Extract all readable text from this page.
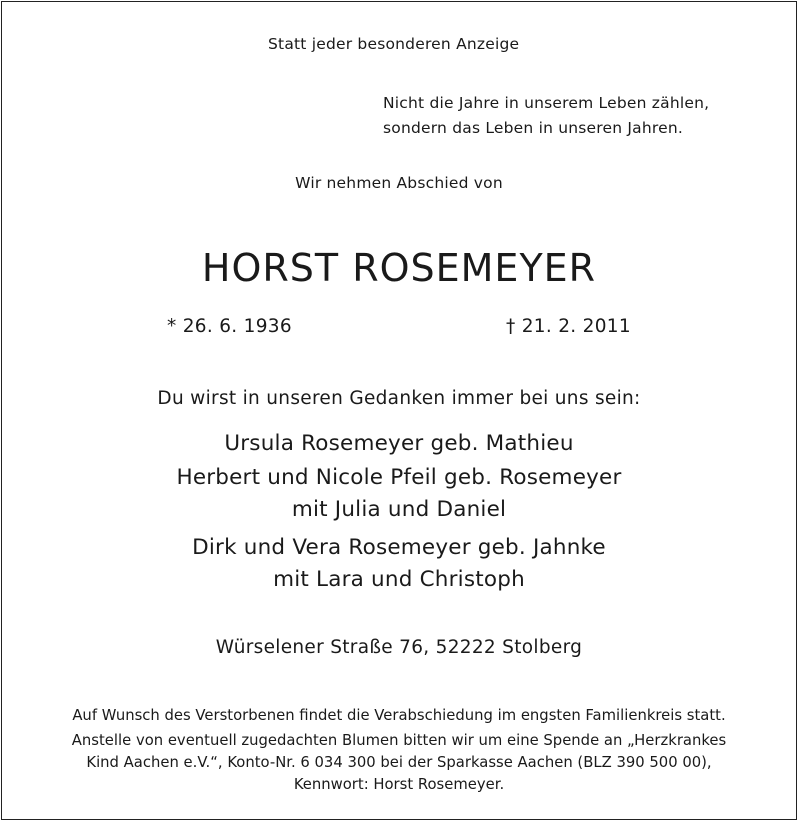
Statt jeder besonderen Anzeige
Nicht die Jahre in unserem Leben zählen,
sondern das Leben in unseren Jahren.
Wir nehmen Abschied von
HORST ROSEMEYER
* 26. 6. 1936	† 21. 2. 2011
Du wirst in unseren Gedanken immer bei uns sein:
Ursula Rosemeyer geb. Mathieu
Herbert und Nicole Pfeil geb. Rosemeyer
mit Julia und Daniel
Dirk und Vera Rosemeyer geb. Jahnke
mit Lara und Christoph
Würselener Straße 76, 52222 Stolberg
Auf Wunsch des Verstorbenen findet die Verabschiedung im engsten Familienkreis statt.
Anstelle von eventuell zugedachten Blumen bitten wir um eine Spende an „Herzkrankes
Kind Aachen e.V.“, Konto-Nr. 6 034 300 bei der Sparkasse Aachen (BLZ 390 500 00),
Kennwort: Horst Rosemeyer.
